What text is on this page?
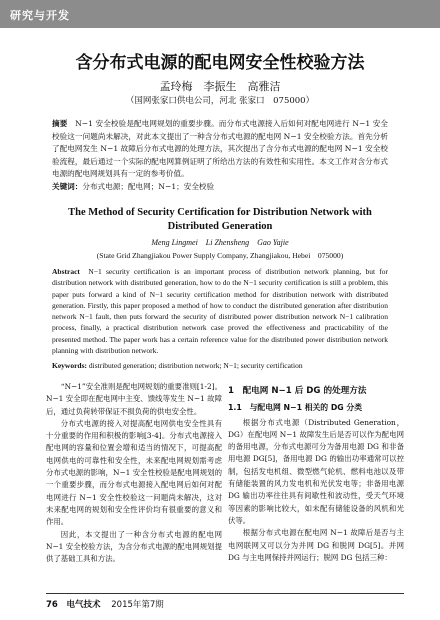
研究与开发
含分布式电源的配电网安全性校验方法
孟玲梅　李振生　高雅洁
（国网张家口供电公司，河北 张家口　075000）
摘要　N−1 安全校验是配电网规划的重要步骤。而分布式电源接入后如何对配电网进行 N−1 安全校验这一问题尚未解决，对此本文提出了一种含分布式电源的配电网 N−1 安全校验方法。首先分析了配电网发生 N−1 故障后分布式电源的处理方法，其次提出了含分布式电源的配电网 N−1 安全校验流程，最后通过一个实际的配电网算例证明了所给出方法的有效性和实用性。本文工作对含分布式电源的配电网规划具有一定的参考价值。
关键词：分布式电源；配电网；N−1；安全校验
The Method of Security Certification for Distribution Network with
Distributed Generation
Meng Lingmei　Li Zhensheng　Gao Yajie
(State Grid Zhangjiakou Power Supply Company, Zhangjiakou, Hebei　075000)
Abstract N−1 security certification is an important process of distribution network planning, but for distribution network with distributed generation, how to do the N−1 security certification is still a problem, this paper puts forward a kind of N−1 security certification method for distribution network with distributed generation. Firstly, this paper proposed a method of how to conduct the distributed generation after distribution network N−1 fault, then puts forward the security of distributed power distribution network N−1 calibration process, finally, a practical distribution network case proved the effectiveness and practicability of the presented method. The paper work has a certain reference value for the distributed power distribution network planning with distribution network.
Keywords: distributed generation; distribution network; N−1; security certification

“N−1”安全准则是配电网规划的重要准则[1-2]。N−1 安全即在配电网中主变、馈线等发生 N−1 故障后，通过负荷转带保证不损负荷的供电安全性。

分布式电源的接入对提高配电网供电安全性具有十分重要的作用和积极的影响[3-4]。分布式电源接入配电网的容量和位置会增和适当的情况下，可提高配电网供电的可靠性和安全性，未来配电网规划需考虑分布式电源的影响，N−1 安全性校验是配电网规划的一个重要步骤，而分布式电源接入配电网后如何对配电网进行 N−1 安全性校验这一问题尚未解决，这对未来配电网的规划和安全性评价均有很重要的意义和作用。

因此，本文提出了一种含分布式电源的配电网 N−1 安全校验方法，为含分布式电源的配电网规划提供了基础工具和方法。

1　配电网 N−1 后 DG 的处理方法
1.1　与配电网 N−1 相关的 DG 分类

根据分布式电源（Distributed Generation，DG）在配电网 N−1 故障发生后是否可以作为配电网的备用电源，分布式电源可分为备用电源 DG 和非备用电源 DG[5]，备用电源 DG 的输出功率通常可以控制，包括发电机组、微型燃气轮机、燃料电池以及带有储能装置的风力发电机和光伏发电等；非备用电源 DG 输出功率往往具有间歇性和波动性，受天气环境等因素的影响比较大，如未配有储能设备的风机和光伏等。

根据分布式电源在配电网 N−1 故障后是否与主电网联网又可以分为并网 DG 和脱网 DG[5]。并网 DG 与主电网保持并网运行；脱网 DG 包括三种：

76 电气技术 2015年第7期
